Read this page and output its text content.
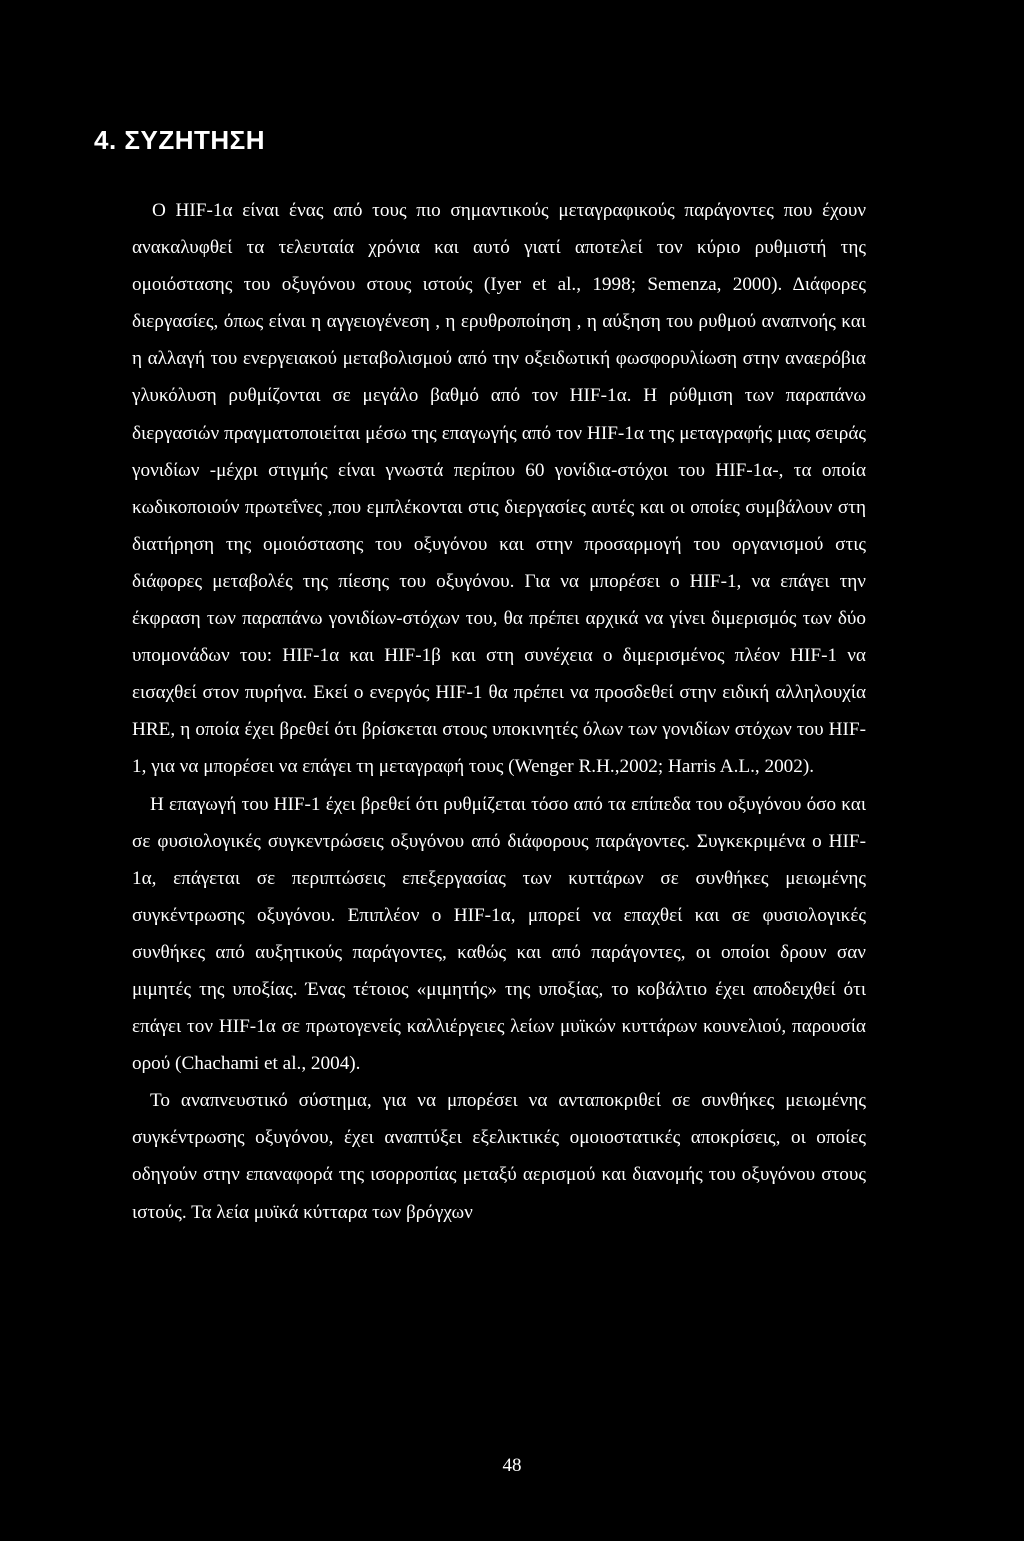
4. ΣΥΖΗΤΗΣΗ

Ο HIF-1α είναι ένας από τους πιο σημαντικούς μεταγραφικούς παράγοντες που έχουν ανακαλυφθεί τα τελευταία χρόνια και αυτό γιατί αποτελεί τον κύριο ρυθμιστή της ομοιόστασης του οξυγόνου στους ιστούς (Iyer et al., 1998; Semenza, 2000). Διάφορες διεργασίες, όπως είναι η αγγειογένεση , η ερυθροποίηση , η αύξηση του ρυθμού αναπνοής και η αλλαγή του ενεργειακού μεταβολισμού από την οξειδωτική φωσφορυλίωση στην αναερόβια γλυκόλυση ρυθμίζονται σε μεγάλο βαθμό από τον HIF-1α. Η ρύθμιση των παραπάνω διεργασιών πραγματοποιείται μέσω της επαγωγής από τον HIF-1α της μεταγραφής μιας σειράς γονιδίων -μέχρι στιγμής είναι γνωστά περίπου 60 γονίδια-στόχοι του HIF-1α-, τα οποία κωδικοποιούν πρωτεΐνες ,που εμπλέκονται στις διεργασίες αυτές και οι οποίες συμβάλουν στη διατήρηση της ομοιόστασης του οξυγόνου και στην προσαρμογή του οργανισμού στις διάφορες μεταβολές της πίεσης του οξυγόνου. Για να μπορέσει ο HIF-1, να επάγει την έκφραση των παραπάνω γονιδίων-στόχων του, θα πρέπει αρχικά να γίνει διμερισμός των δύο υπομονάδων του: HIF-1α και HIF-1β και στη συνέχεια ο διμερισμένος πλέον HIF-1 να εισαχθεί στον πυρήνα. Εκεί ο ενεργός HIF-1 θα πρέπει να προσδεθεί στην ειδική αλληλουχία HRE, η οποία έχει βρεθεί ότι βρίσκεται στους υποκινητές όλων των γονιδίων στόχων του HIF-1, για να μπορέσει να επάγει τη μεταγραφή τους (Wenger R.H.,2002; Harris A.L., 2002).

Η επαγωγή του HIF-1 έχει βρεθεί ότι ρυθμίζεται τόσο από τα επίπεδα του οξυγόνου όσο και σε φυσιολογικές συγκεντρώσεις οξυγόνου από διάφορους παράγοντες. Συγκεκριμένα ο HIF-1α, επάγεται σε περιπτώσεις επεξεργασίας των κυττάρων σε συνθήκες μειωμένης συγκέντρωσης οξυγόνου. Επιπλέον ο HIF-1α, μπορεί να επαχθεί και σε φυσιολογικές συνθήκες από αυξητικούς παράγοντες, καθώς και από παράγοντες, οι οποίοι δρουν σαν μιμητές της υποξίας. Ένας τέτοιος «μιμητής» της υποξίας, το κοβάλτιο έχει αποδειχθεί ότι επάγει τον HIF-1α σε πρωτογενείς καλλιέργειες λείων μυϊκών κυττάρων κουνελιού, παρουσία ορού (Chachami et al., 2004).

Το αναπνευστικό σύστημα, για να μπορέσει να ανταποκριθεί σε συνθήκες μειωμένης συγκέντρωσης οξυγόνου, έχει αναπτύξει εξελικτικές ομοιοστατικές αποκρίσεις, οι οποίες οδηγούν στην επαναφορά της ισορροπίας μεταξύ αερισμού και διανομής του οξυγόνου στους ιστούς. Τα λεία μυϊκά κύτταρα των βρόγχων

48
